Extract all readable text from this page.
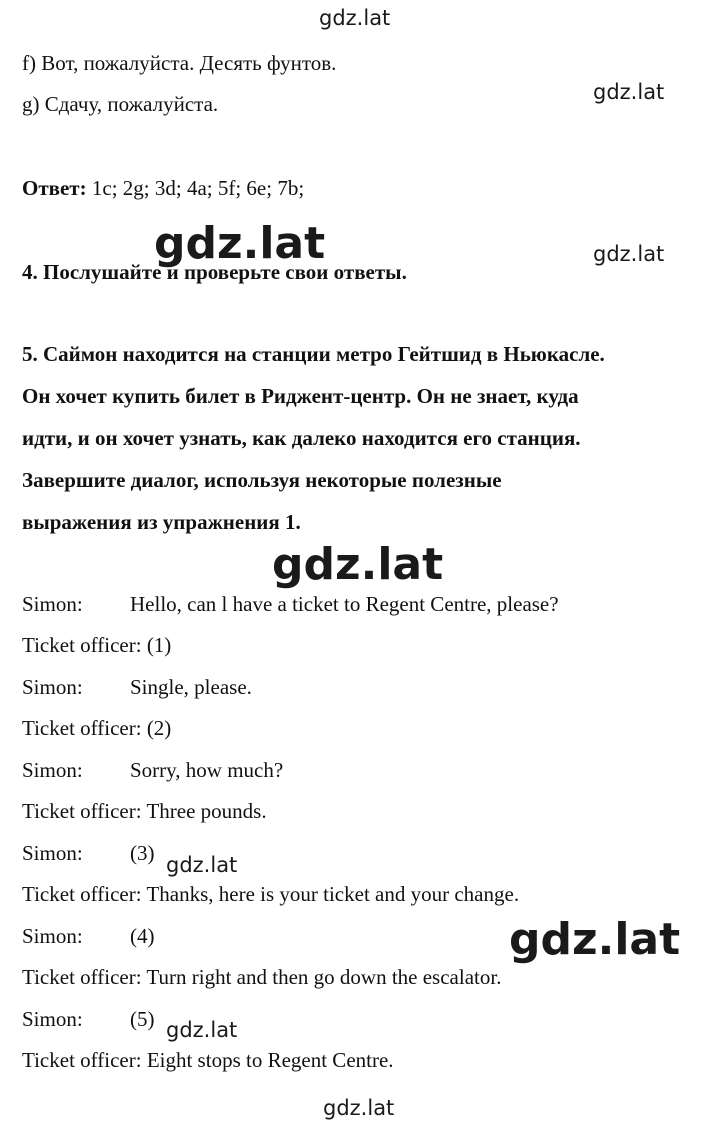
gdz.lat
gdz.lat
gdz.lat	gdz.lat
gdz.lat
gdz.lat
gdz.lat
gdz.lat
gdz.lat
f) Вот, пожалуйста. Десять фунтов.
g) Сдачу, пожалуйста.
Ответ: 1c; 2g; 3d; 4a; 5f; 6e; 7b;
4. Послушайте и проверьте свои ответы.
5. Саймон находится на станции метро Гейтшид в Ньюкасле.
Он хочет купить билет в Ридж​ент-центр. Он не знает, куда
идти, и он хочет узнать, как далеко находится его станция.
Завершите диалог, используя некоторые полезные
выражения из упражнения 1.
Simon: Hello, can l have a ticket to Regent Centre, please?
Ticket officer: (1)
Simon: Single, please.
Ticket officer: (2)
Simon: Sorry, how much?
Ticket officer: Three pounds.
Simon: (3)
Ticket officer: Thanks, here is your ticket and your change.
Simon: (4)
Ticket officer: Turn right and then go down the escalator.
Simon: (5)
Ticket officer: Eight stops to Regent Centre.
